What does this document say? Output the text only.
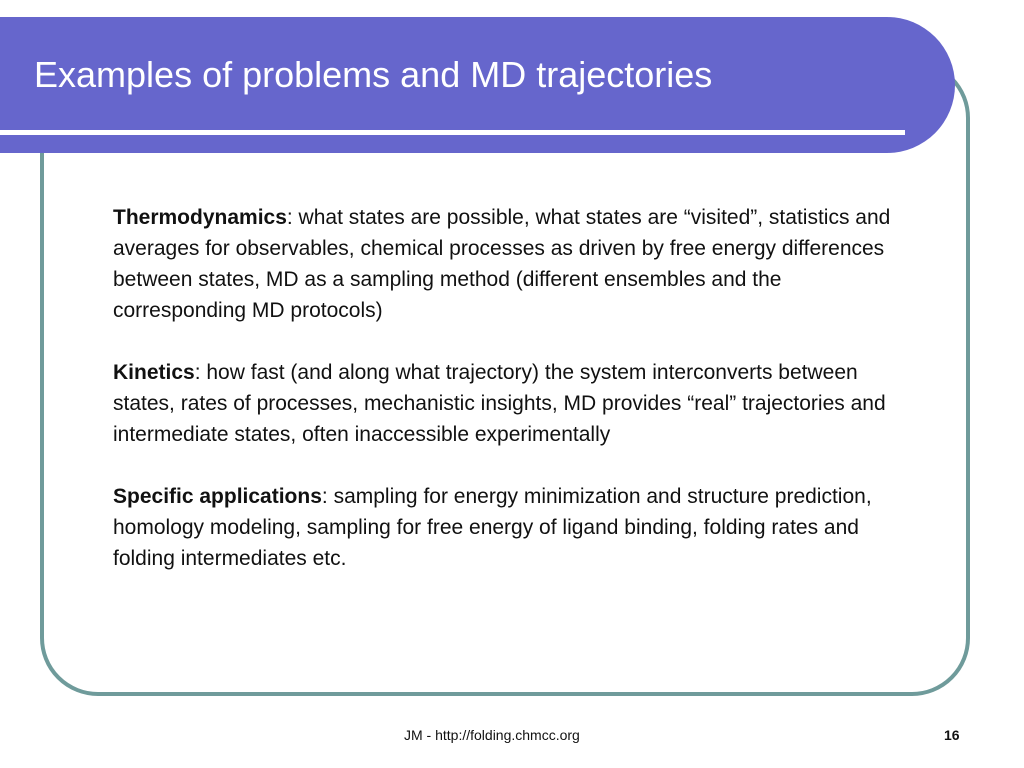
Examples of problems and MD trajectories

Thermodynamics: what states are possible, what states are “visited”, statistics and averages for observables, chemical processes as driven by free energy differences between states, MD as a sampling method (different ensembles and the corresponding MD protocols)

Kinetics: how fast (and along what trajectory) the system interconverts between states, rates of processes, mechanistic insights, MD provides “real” trajectories and intermediate states, often inaccessible experimentally

Specific applications: sampling for energy minimization and structure prediction, homology modeling, sampling for free energy of ligand binding, folding rates and folding intermediates etc.

JM - http://folding.chmcc.org	16
